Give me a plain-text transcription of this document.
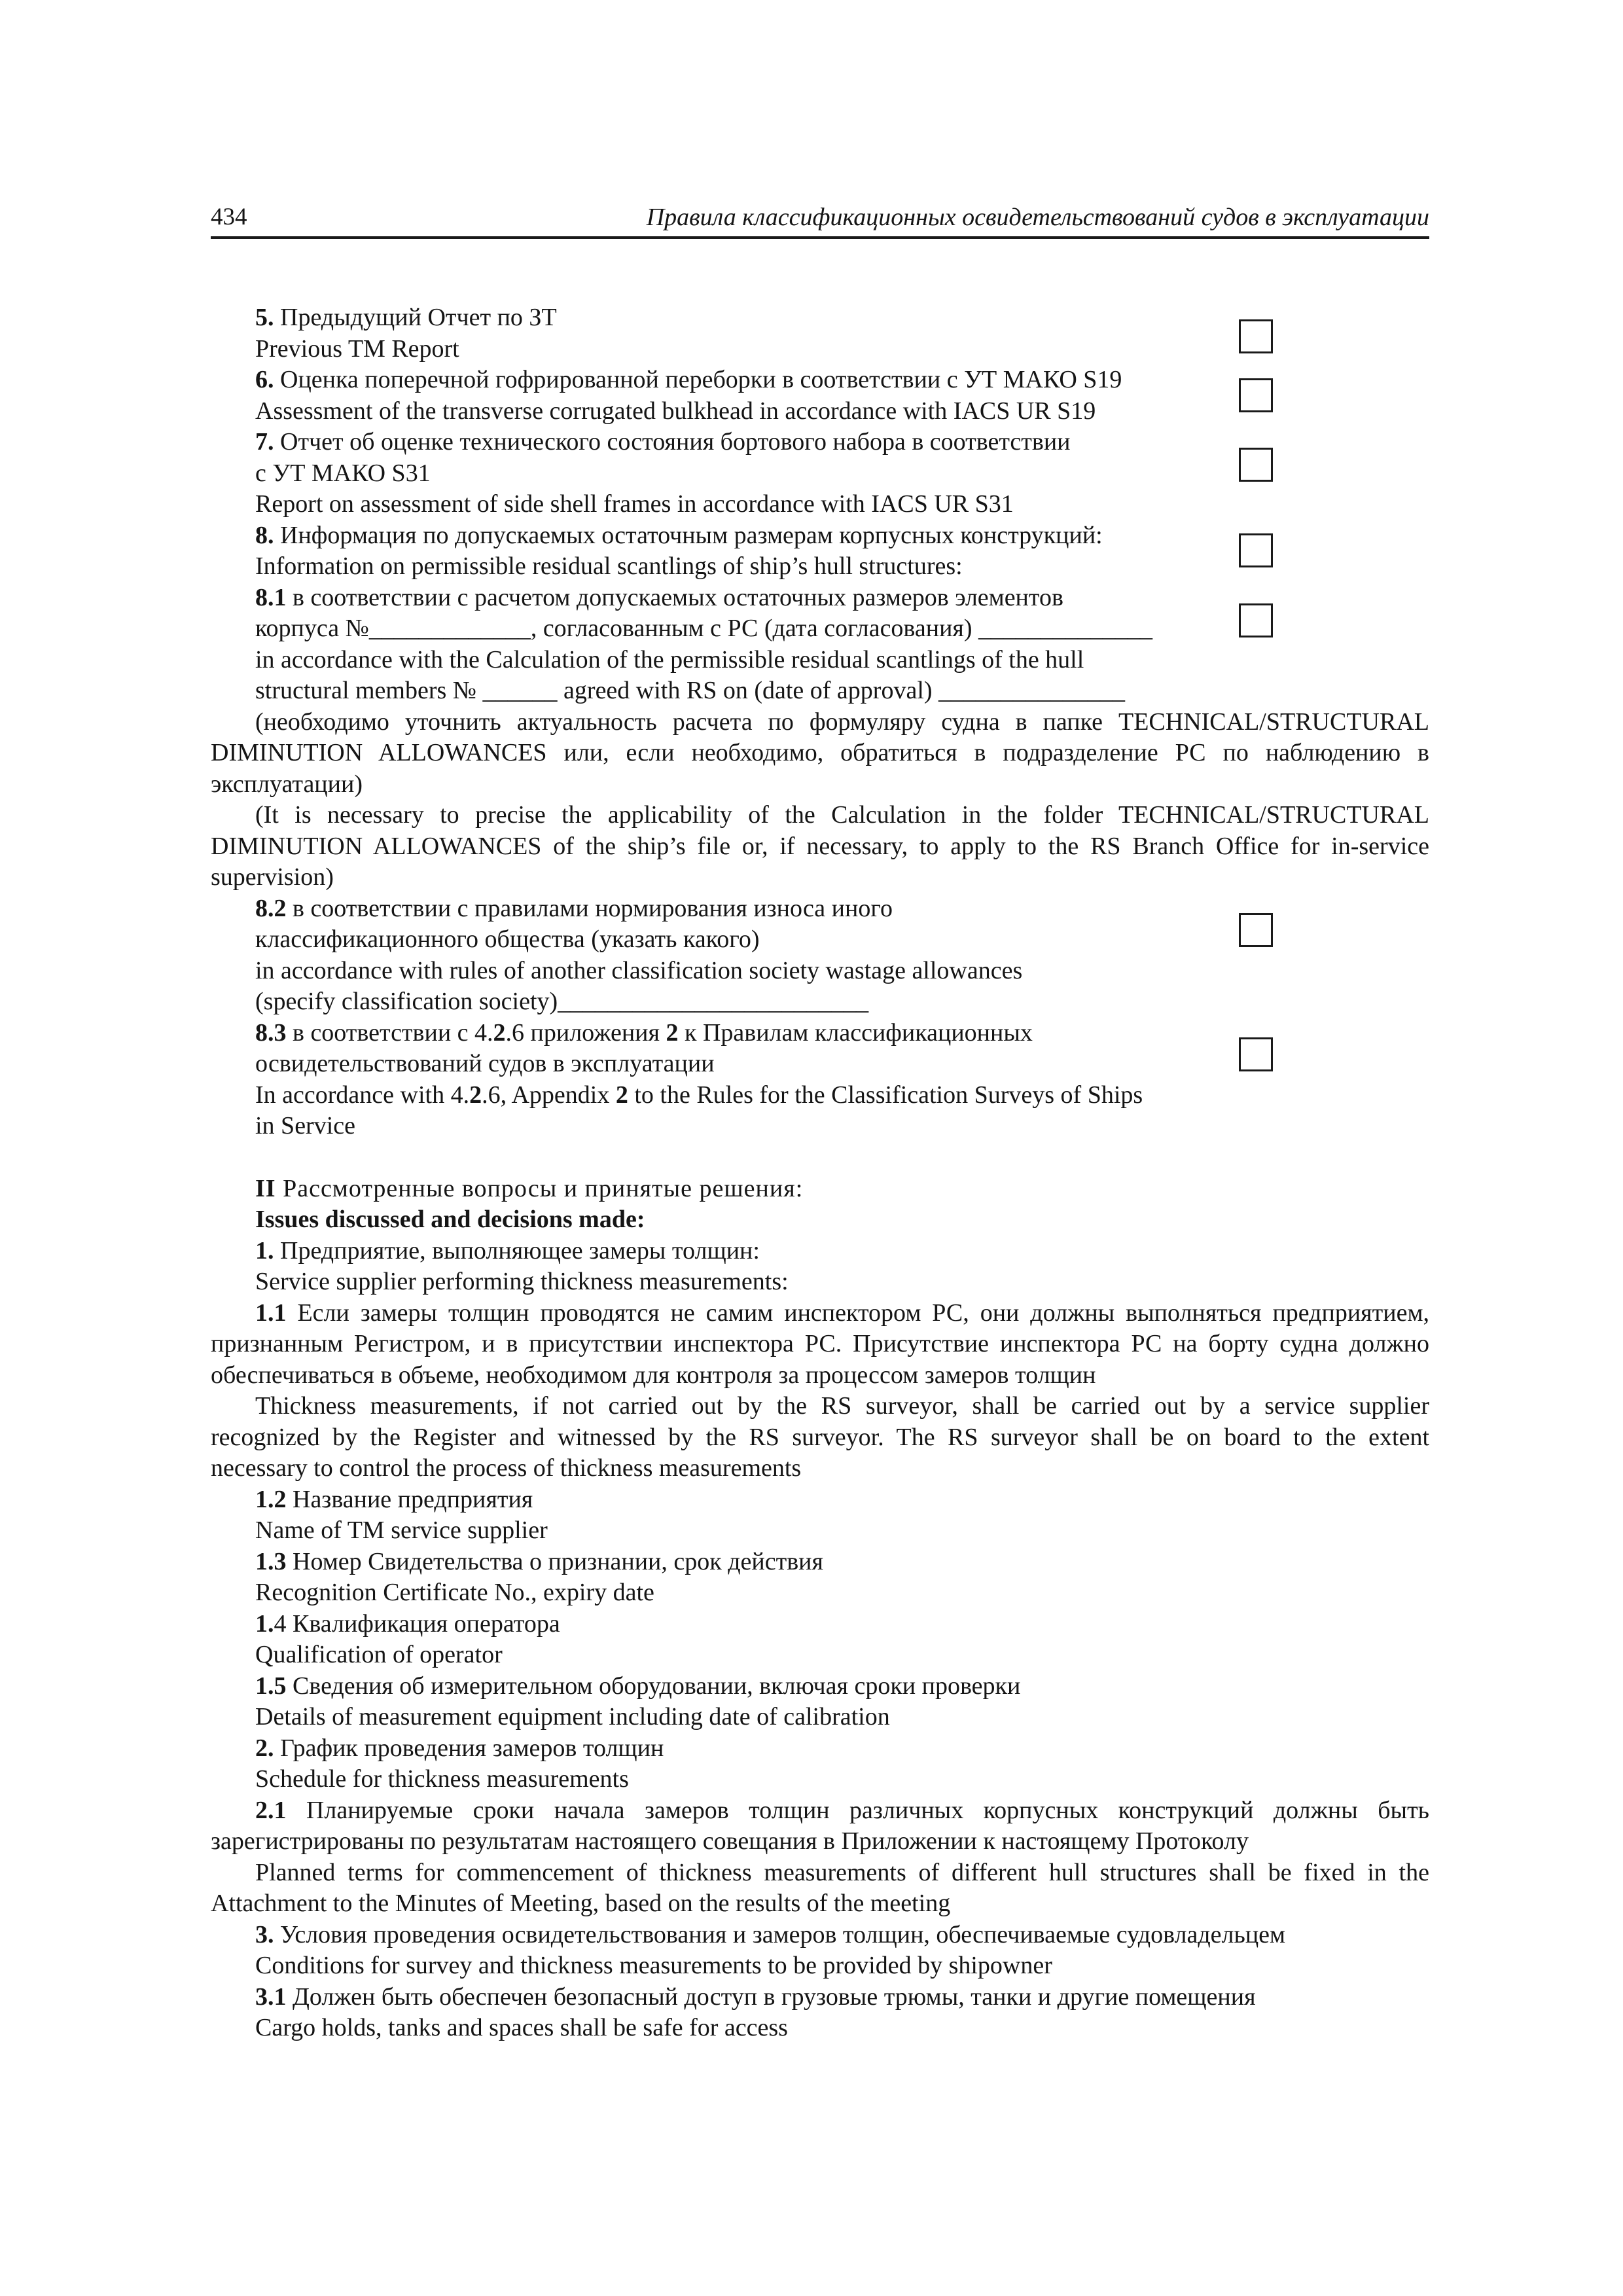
434	Правила классификационных освидетельствований судов в эксплуатации
5. Предыдущий Отчет по ЗТ
Previous TM Report
6. Оценка поперечной гофрированной переборки в соответствии с УТ МАКО S19
Assessment of the transverse corrugated bulkhead in accordance with IACS UR S19
7. Отчет об оценке технического состояния бортового набора в соответствии
с УТ МАКО S31
Report on assessment of side shell frames in accordance with IACS UR S31
8. Информация по допускаемых остаточным размерам корпусных конструкций:
Information on permissible residual scantlings of ship’s hull structures:
8.1 в соответствии с расчетом допускаемых остаточных размеров элементов
корпуса №_____________, согласованным с РС (дата согласования) ______________
in accordance with the Calculation of the permissible residual scantlings of the hull
structural members № ______ agreed with RS on (date of approval) _______________
(необходимо уточнить актуальность расчета по формуляру судна в папке TECHNICAL/STRUCTURAL
DIMINUTION ALLOWANCES или, если необходимо, обратиться в подразделение РС по наблюдению в
эксплуатации)
(It is necessary to precise the applicability of the Calculation in the folder TECHNICAL/STRUCTURAL
DIMINUTION ALLOWANCES of the ship’s file or, if necessary, to apply to the RS Branch Office for in-service
supervision)
8.2 в соответствии с правилами нормирования износа иного
классификационного общества (указать какого)
in accordance with rules of another classification society wastage allowances
(specify classification society)_________________________
8.3 в соответствии с 4.2.6 приложения 2 к Правилам классификационных
освидетельствований судов в эксплуатации
In accordance with 4.2.6, Appendix 2 to the Rules for the Classification Surveys of Ships
in Service
II Рассмотренные вопросы и принятые решения:
Issues discussed and decisions made:
1. Предприятие, выполняющее замеры толщин:
Service supplier performing thickness measurements:
1.1 Если замеры толщин проводятся не самим инспектором РС, они должны выполняться предприятием,
признанным Регистром, и в присутствии инспектора РС. Присутствие инспектора РС на борту судна должно
обеспечиваться в объеме, необходимом для контроля за процессом замеров толщин
Thickness measurements, if not carried out by the RS surveyor, shall be carried out by a service supplier
recognized by the Register and witnessed by the RS surveyor. The RS surveyor shall be on board to the extent
necessary to control the process of thickness measurements
1.2 Название предприятия
Name of TM service supplier
1.3 Номер Свидетельства о признании, срок действия
Recognition Certificate No., expiry date
1.4 Квалификация оператора
Qualification of operator
1.5 Сведения об измерительном оборудовании, включая сроки проверки
Details of measurement equipment including date of calibration
2. График проведения замеров толщин
Schedule for thickness measurements
2.1 Планируемые сроки начала замеров толщин различных корпусных конструкций должны быть
зарегистрированы по результатам настоящего совещания в Приложении к настоящему Протоколу
Planned terms for commencement of thickness measurements of different hull structures shall be fixed in the
Attachment to the Minutes of Meeting, based on the results of the meeting
3. Условия проведения освидетельствования и замеров толщин, обеспечиваемые судовладельцем
Conditions for survey and thickness measurements to be provided by shipowner
3.1 Должен быть обеспечен безопасный доступ в грузовые трюмы, танки и другие помещения
Cargo holds, tanks and spaces shall be safe for access
